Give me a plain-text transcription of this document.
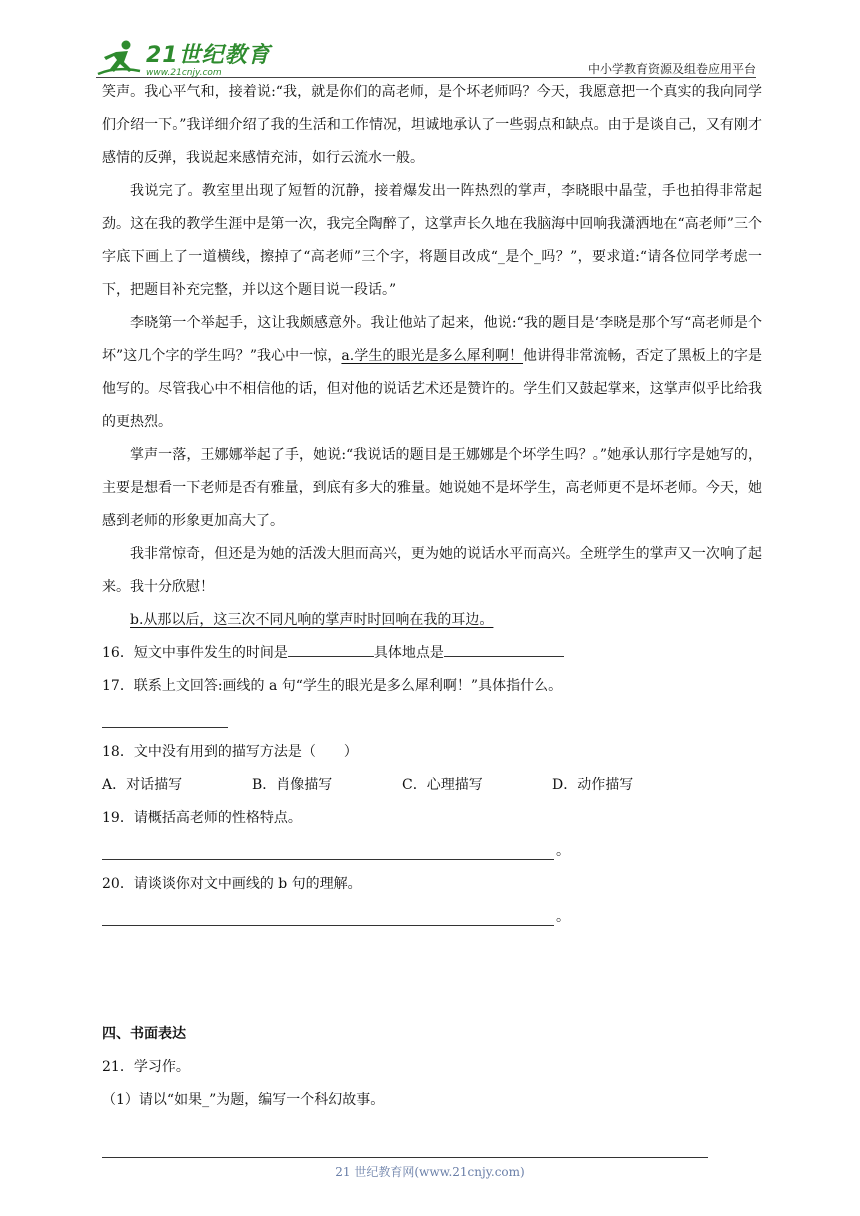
21世纪教育
www.21cnjy.com	中小学教育资源及组卷应用平台

笑声。我心平气和，接着说:“我，就是你们的高老师，是个坏老师吗？今天，我愿意把一个真实的我向同学们介绍一下。”我详细介绍了我的生活和工作情况，坦诚地承认了一些弱点和缺点。由于是谈自己，又有刚才感情的反弹，我说起来感情充沛，如行云流水一般。

我说完了。教室里出现了短暂的沉静，接着爆发出一阵热烈的掌声，李晓眼中晶莹，手也拍得非常起劲。这在我的教学生涯中是第一次，我完全陶醉了，这掌声长久地在我脑海中回响我潇洒地在“高老师”三个字底下画上了一道横线，擦掉了“高老师”三个字，将题目改成“_是个_吗？”，要求道:“请各位同学考虑一下，把题目补充完整，并以这个题目说一段话。”

李晓第一个举起手，这让我颇感意外。我让他站了起来，他说:“我的题目是‘李晓是那个写“高老师是个坏”这几个字的学生吗？”我心中一惊，a.学生的眼光是多么犀利啊！他讲得非常流畅，否定了黑板上的字是他写的。尽管我心中不相信他的话，但对他的说话艺术还是赞许的。学生们又鼓起掌来，这掌声似乎比给我的更热烈。

掌声一落，王娜娜举起了手，她说:“我说话的题目是王娜娜是个坏学生吗？。”她承认那行字是她写的，主要是想看一下老师是否有雅量，到底有多大的雅量。她说她不是坏学生，高老师更不是坏老师。今天，她感到老师的形象更加高大了。

我非常惊奇，但还是为她的活泼大胆而高兴，更为她的说话水平而高兴。全班学生的掌声又一次响了起来。我十分欣慰！

b.从那以后，这三次不同凡响的掌声时时回响在我的耳边。

16．短文中事件发生的时间是	具体地点是

17．联系上文回答:画线的 a 句“学生的眼光是多么犀利啊！”具体指什么。

18．文中没有用到的描写方法是（　　）

A．对话描写	B．肖像描写	C．心理描写	D．动作描写

19．请概括高老师的性格特点。

。

20．请谈谈你对文中画线的 b 句的理解。

。

四、书面表达

21．学习作。

（1）请以“如果_”为题，编写一个科幻故事。

21 世纪教育网(www.21cnjy.com)
